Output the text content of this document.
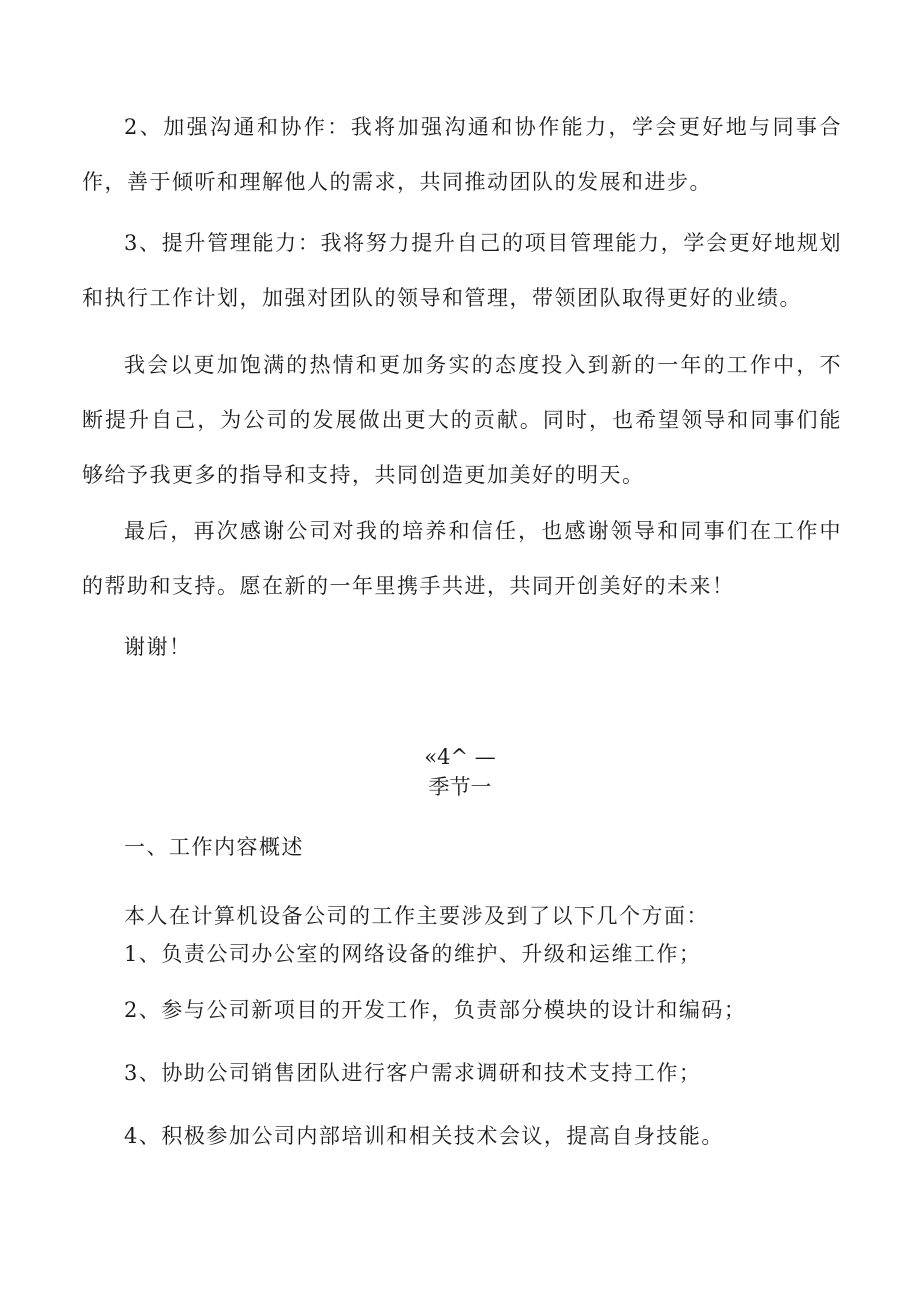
2、加强沟通和协作：我将加强沟通和协作能力，学会更好地与同事合作，善于倾听和理解他人的需求，共同推动团队的发展和进步。

3、提升管理能力：我将努力提升自己的项目管理能力，学会更好地规划和执行工作计划，加强对团队的领导和管理，带领团队取得更好的业绩。

我会以更加饱满的热情和更加务实的态度投入到新的一年的工作中，不断提升自己，为公司的发展做出更大的贡献。同时，也希望领导和同事们能够给予我更多的指导和支持，共同创造更加美好的明天。

最后，再次感谢公司对我的培养和信任，也感谢领导和同事们在工作中的帮助和支持。愿在新的一年里携手共进，共同开创美好的未来！

谢谢！

«4^ —

季节一

一、工作内容概述

本人在计算机设备公司的工作主要涉及到了以下几个方面：

1、负责公司办公室的网络设备的维护、升级和运维工作；

2、参与公司新项目的开发工作，负责部分模块的设计和编码；

3、协助公司销售团队进行客户需求调研和技术支持工作；

4、积极参加公司内部培训和相关技术会议，提高自身技能。
